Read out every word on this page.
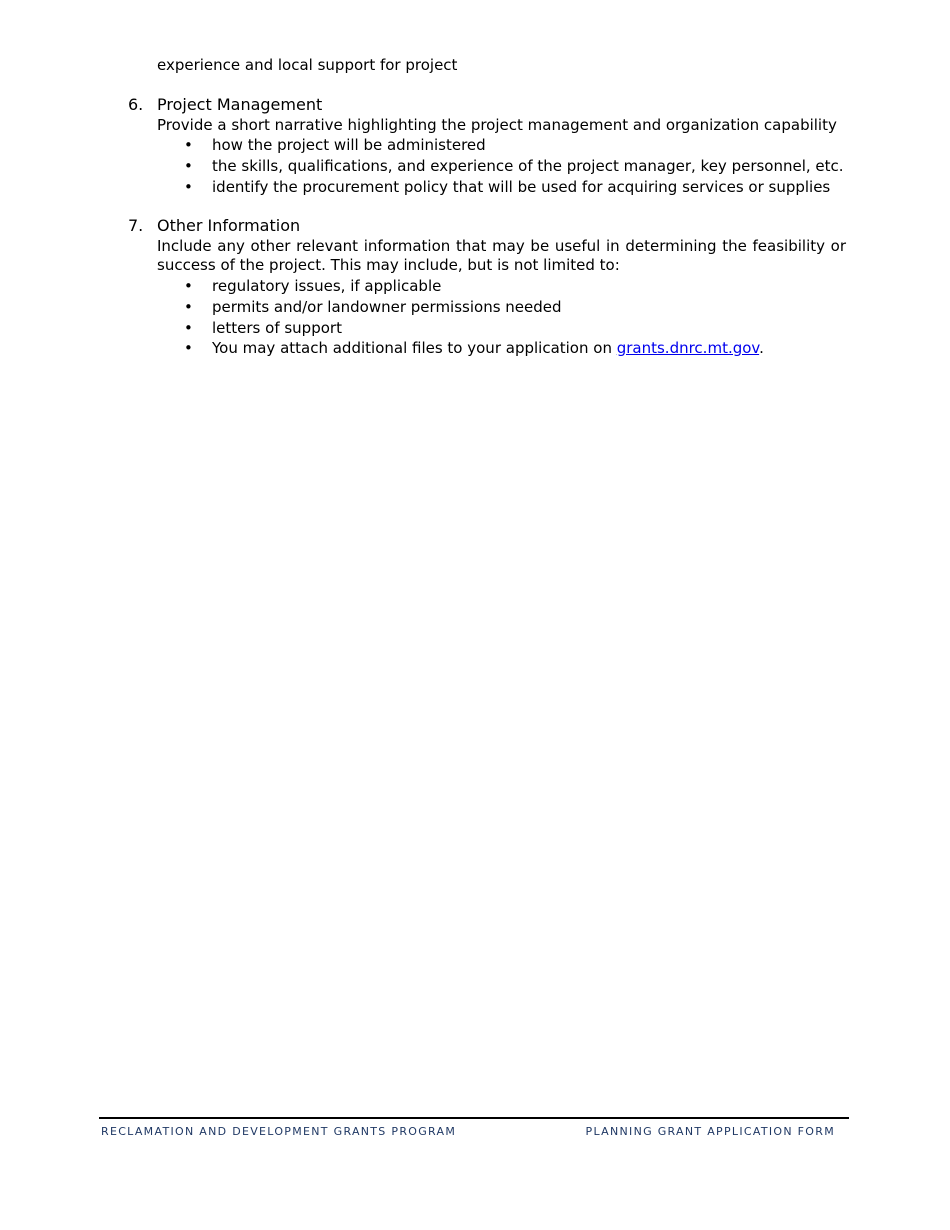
experience and local support for project
6. Project Management
Provide a short narrative highlighting the project management and organization capability
• how the project will be administered
• the skills, qualifications, and experience of the project manager, key personnel, etc.
• identify the procurement policy that will be used for acquiring services or supplies
7. Other Information
Include any other relevant information that may be useful in determining the feasibility or
success of the project. This may include, but is not limited to:
• regulatory issues, if applicable
• permits and/or landowner permissions needed
• letters of support
• You may attach additional files to your application on grants.dnrc.mt.gov.
RECLAMATION AND DEVELOPMENT GRANTS PROGRAM	PLANNING GRANT APPLICATION FORM
